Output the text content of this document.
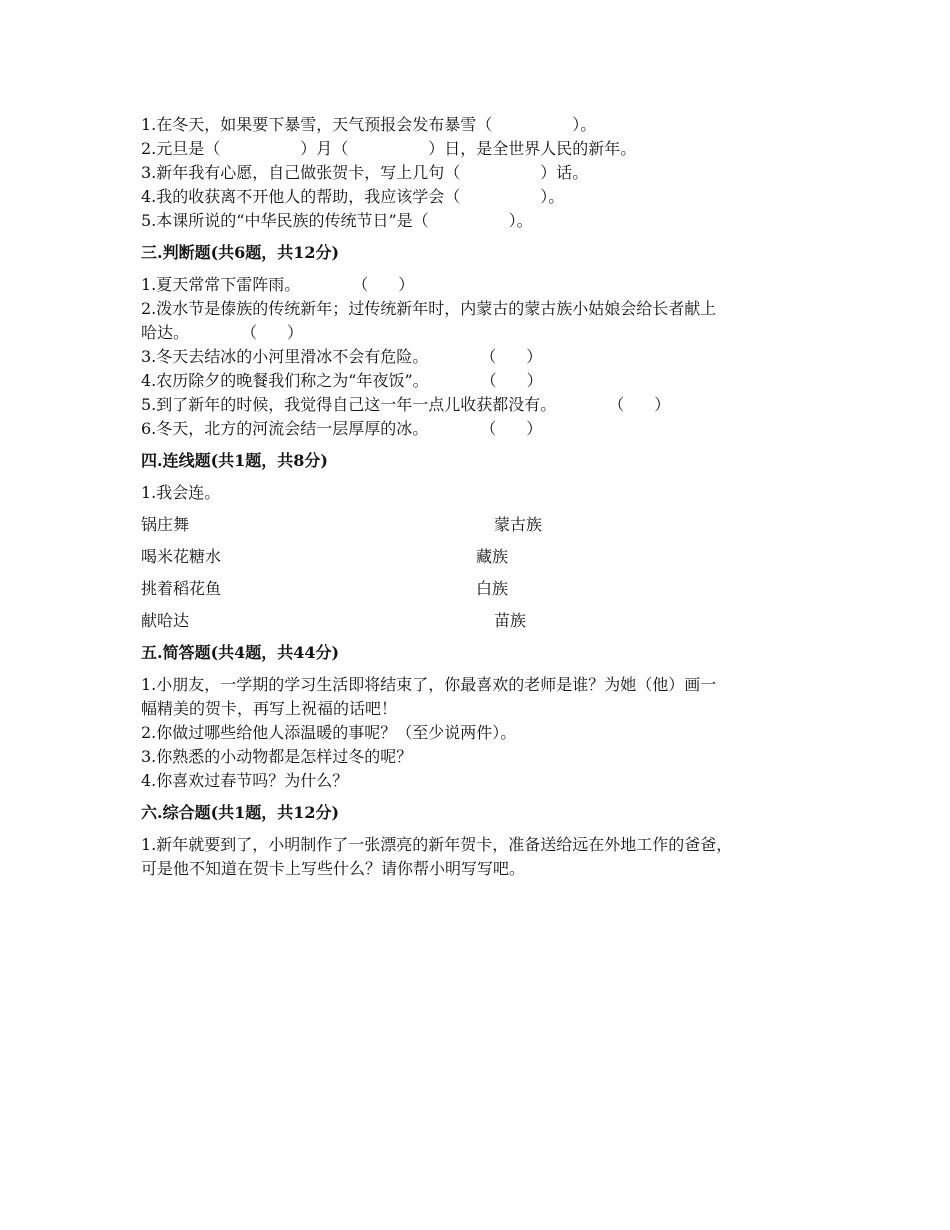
1.在冬天，如果要下暴雪，天气预报会发布暴雪（	）。
2.元旦是（	）月（	）日，是全世界人民的新年。
3.新年我有心愿，自己做张贺卡，写上几句（	）话。
4.我的收获离不开他人的帮助，我应该学会（	）。
5.本课所说的“中华民族的传统节日”是（	）。
三.判断题(共6题，共12分)
1.夏天常常下雷阵雨。	（ ）
2.泼水节是傣族的传统新年；过传统新年时，内蒙古的蒙古族小姑娘会给长者献上
哈达。	（ ）
3.冬天去结冰的小河里滑冰不会有危险。	（ ）
4.农历除夕的晚餐我们称之为“年夜饭”。	（ ）
5.到了新年的时候，我觉得自己这一年一点儿收获都没有。	（ ）
6.冬天，北方的河流会结一层厚厚的冰。	（ ）
四.连线题(共1题，共8分)
1.我会连。
锅庄舞	蒙古族
喝米花糖水	藏族
挑着稻花鱼	白族
献哈达	苗族
五.简答题(共4题，共44分)
1.小朋友，一学期的学习生活即将结束了，你最喜欢的老师是谁？为她（他）画一
幅精美的贺卡，再写上祝福的话吧！
2.你做过哪些给他人添温暖的事呢？（至少说两件）。
3.你熟悉的小动物都是怎样过冬的呢？
4.你喜欢过春节吗？为什么？
六.综合题(共1题，共12分)
1.新年就要到了，小明制作了一张漂亮的新年贺卡，准备送给远在外地工作的爸爸，
可是他不知道在贺卡上写些什么？请你帮小明写写吧。
